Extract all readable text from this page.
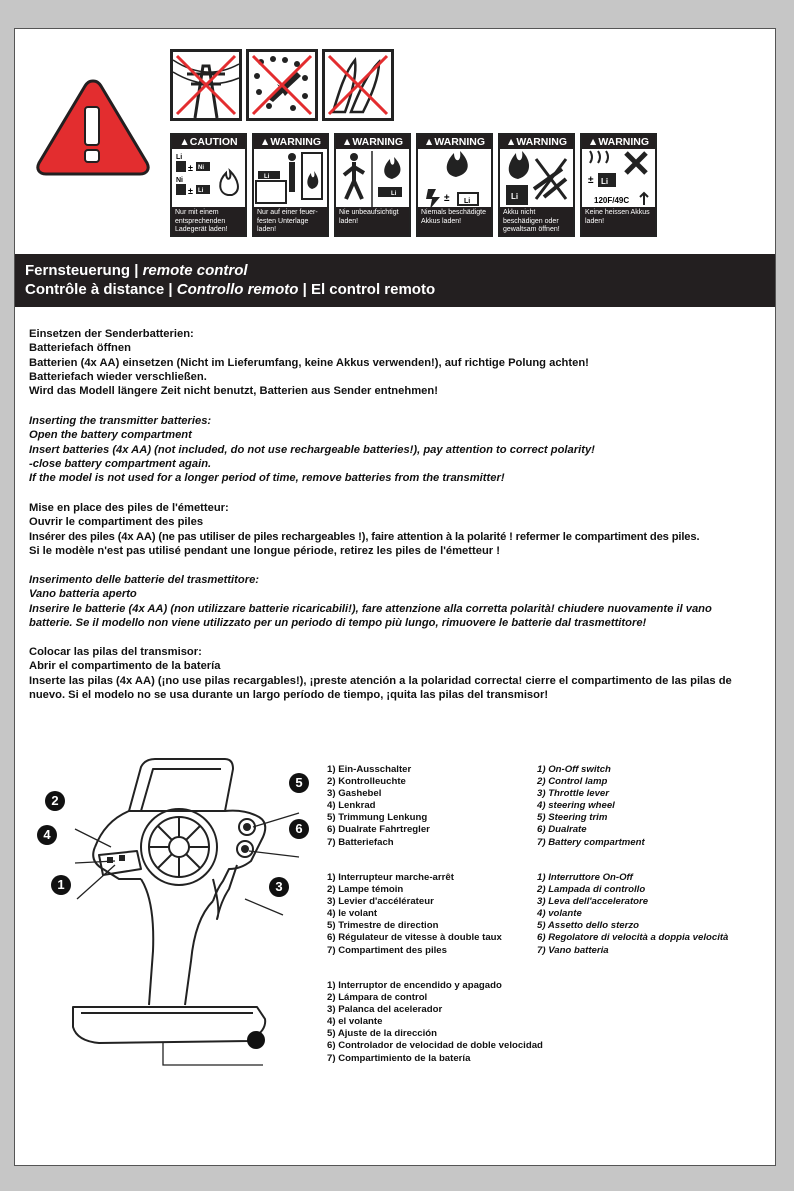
▲CAUTION
Li
± Ni
Ni
± Li
Nur mit einem entsprechenden Ladegerät laden!
▲WARNING
Li
Nur auf einer feuer-festen Unterlage laden!
▲WARNING
Li
Nie unbeaufsichtigt laden!
▲WARNING
± Li
Niemals beschädigte Akkus laden!
▲WARNING
Li
Akku nicht beschädigen oder gewaltsam öffnen!
▲WARNING
± Li
120F/49C
Keine heissen Akkus laden!
Fernsteuerung | remote control
Contrôle à distance | Controllo remoto | El control remoto
Einsetzen der Senderbatterien:
Batteriefach öffnen
Batterien (4x AA) einsetzen (Nicht im Lieferumfang, keine Akkus verwenden!), auf richtige Polung achten!
Batteriefach wieder verschließen.
Wird das Modell längere Zeit nicht benutzt, Batterien aus Sender entnehmen!
Inserting the transmitter batteries:
Open the battery compartment
Insert batteries (4x AA) (not included, do not use rechargeable batteries!), pay attention to correct polarity!
-close battery compartment again.
If the model is not used for a longer period of time, remove batteries from the transmitter!
Mise en place des piles de l'émetteur:
Ouvrir le compartiment des piles
Insérer des piles (4x AA) (ne pas utiliser de piles rechargeables !), faire attention à la polarité ! refermer le compartiment des piles.
Si le modèle n'est pas utilisé pendant une longue période, retirez les piles de l'émetteur !
Inserimento delle batterie del trasmettitore:
Vano batteria aperto
Inserire le batterie (4x AA) (non utilizzare batterie ricaricabili!), fare attenzione alla corretta polarità! chiudere nuovamente il vano batterie. Se il modello non viene utilizzato per un periodo di tempo più lungo, rimuovere le batterie dal trasmettitore!
Colocar las pilas del transmisor:
Abrir el compartimento de la batería
Inserte las pilas (4x AA) (¡no use pilas recargables!), ¡preste atención a la polaridad correcta! cierre el compartimento de las pilas de nuevo. Si el modelo no se usa durante un largo período de tiempo, ¡quita las pilas del transmisor!
2
4
1
5
6
3
1) Ein-Ausschalter
2) Kontrolleuchte
3) Gashebel
4) Lenkrad
5) Trimmung Lenkung
6) Dualrate Fahrtregler
7) Batteriefach
1) On-Off switch
2) Control lamp
3) Throttle lever
4) steering wheel
5) Steering trim
6) Dualrate
7) Battery compartment
1) Interrupteur marche-arrêt
2) Lampe témoin
3) Levier d'accélérateur
4) le volant
5) Trimestre de direction
6) Régulateur de vitesse à double taux
7) Compartiment des piles
1) Interruttore On-Off
2) Lampada di controllo
3) Leva dell'acceleratore
4) volante
5) Assetto dello sterzo
6) Regolatore di velocità a doppia velocità
7) Vano batteria
1) Interruptor de encendido y apagado
2) Lámpara de control
3) Palanca del acelerador
4) el volante
5) Ajuste de la dirección
6) Controlador de velocidad de doble velocidad
7) Compartimiento de la batería
